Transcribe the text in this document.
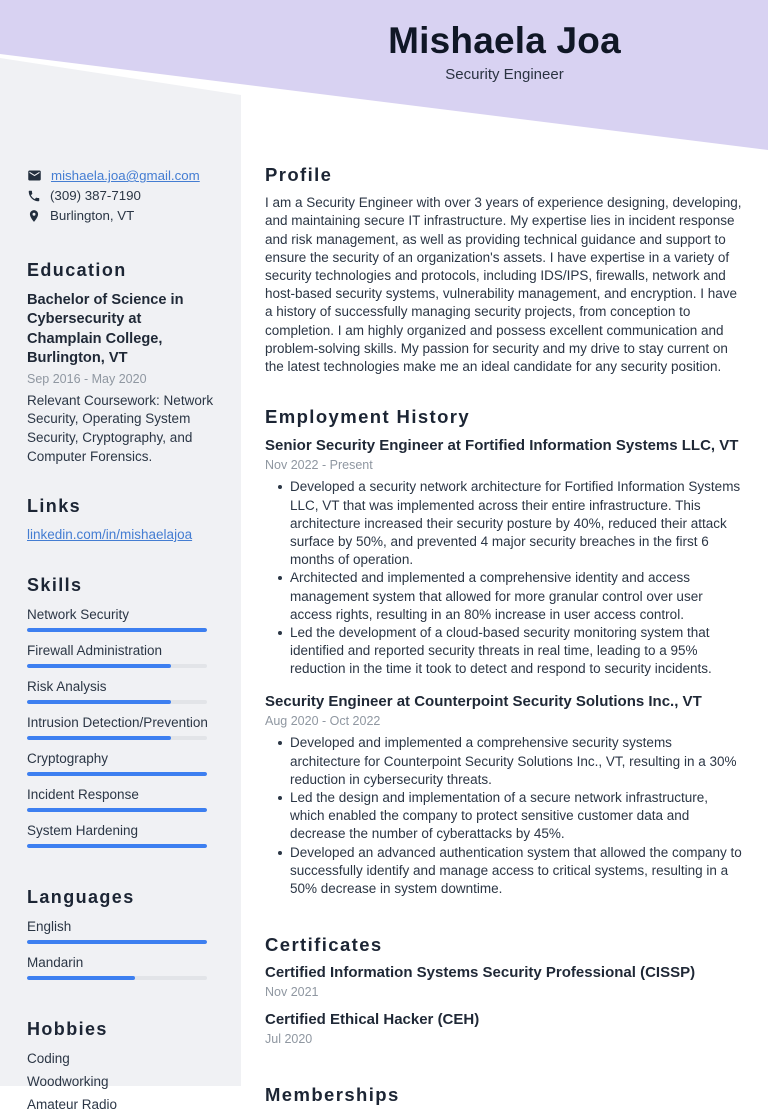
Mishaela Joa
Security Engineer
mishaela.joa@gmail.com
(309) 387-7190
Burlington, VT
Education
Bachelor of Science in Cybersecurity at Champlain College, Burlington, VT
Sep 2016 - May 2020
Relevant Coursework: Network Security, Operating System Security, Cryptography, and Computer Forensics.
Links
linkedin.com/in/mishaelajoa
Skills
Network Security
Firewall Administration
Risk Analysis
Intrusion Detection/Prevention
Cryptography
Incident Response
System Hardening
Languages
English
Mandarin
Hobbies
Coding
Woodworking
Amateur Radio
Profile
I am a Security Engineer with over 3 years of experience designing, developing, and maintaining secure IT infrastructure. My expertise lies in incident response and risk management, as well as providing technical guidance and support to ensure the security of an organization's assets. I have expertise in a variety of security technologies and protocols, including IDS/IPS, firewalls, network and host-based security systems, vulnerability management, and encryption. I have a history of successfully managing security projects, from conception to completion. I am highly organized and possess excellent communication and problem-solving skills. My passion for security and my drive to stay current on the latest technologies make me an ideal candidate for any security position.
Employment History
Senior Security Engineer at Fortified Information Systems LLC, VT
Nov 2022 - Present
Developed a security network architecture for Fortified Information Systems LLC, VT that was implemented across their entire infrastructure. This architecture increased their security posture by 40%, reduced their attack surface by 50%, and prevented 4 major security breaches in the first 6 months of operation.
Architected and implemented a comprehensive identity and access management system that allowed for more granular control over user access rights, resulting in an 80% increase in user access control.
Led the development of a cloud-based security monitoring system that identified and reported security threats in real time, leading to a 95% reduction in the time it took to detect and respond to security incidents.
Security Engineer at Counterpoint Security Solutions Inc., VT
Aug 2020 - Oct 2022
Developed and implemented a comprehensive security systems architecture for Counterpoint Security Solutions Inc., VT, resulting in a 30% reduction in cybersecurity threats.
Led the design and implementation of a secure network infrastructure, which enabled the company to protect sensitive customer data and decrease the number of cyberattacks by 45%.
Developed an advanced authentication system that allowed the company to successfully identify and manage access to critical systems, resulting in a 50% decrease in system downtime.
Certificates
Certified Information Systems Security Professional (CISSP)
Nov 2021
Certified Ethical Hacker (CEH)
Jul 2020
Memberships
